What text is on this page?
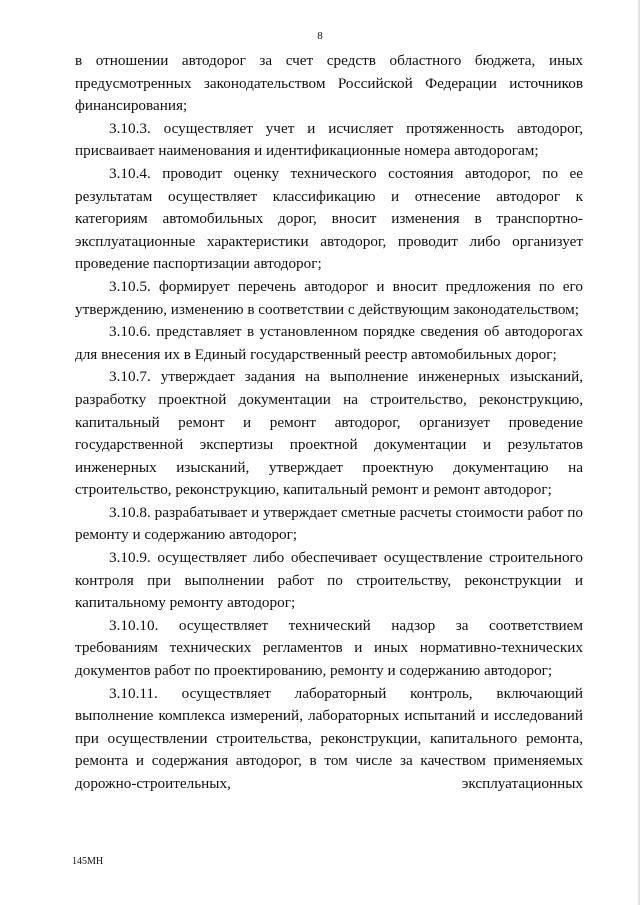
8

в отношении автодорог за счет средств областного бюджета, иных предусмотренных законодательством Российской Федерации источников финансирования;

3.10.3. осуществляет учет и исчисляет протяженность автодорог, присваивает наименования и идентификационные номера автодорогам;

3.10.4. проводит оценку технического состояния автодорог, по ее результатам осуществляет классификацию и отнесение автодорог к категориям автомобильных дорог, вносит изменения в транспортно-эксплуатационные характеристики автодорог, проводит либо организует проведение паспортизации автодорог;

3.10.5. формирует перечень автодорог и вносит предложения по его утверждению, изменению в соответствии с действующим законодательством;

3.10.6. представляет в установленном порядке сведения об автодорогах для внесения их в Единый государственный реестр автомобильных дорог;

3.10.7. утверждает задания на выполнение инженерных изысканий, разработку проектной документации на строительство, реконструкцию, капитальный ремонт и ремонт автодорог, организует проведение государственной экспертизы проектной документации и результатов инженерных изысканий, утверждает проектную документацию на строительство, реконструкцию, капитальный ремонт и ремонт автодорог;

3.10.8. разрабатывает и утверждает сметные расчеты стоимости работ по ремонту и содержанию автодорог;

3.10.9. осуществляет либо обеспечивает осуществление строительного контроля при выполнении работ по строительству, реконструкции и капитальному ремонту автодорог;

3.10.10. осуществляет технический надзор за соответствием требованиям технических регламентов и иных нормативно-технических документов работ по проектированию, ремонту и содержанию автодорог;

3.10.11. осуществляет лабораторный контроль, включающий выполнение комплекса измерений, лабораторных испытаний и исследований при осуществлении строительства, реконструкции, капитального ремонта, ремонта и содержания автодорог, в том числе за качеством применяемых дорожно-строительных, эксплуатационных

145MH
